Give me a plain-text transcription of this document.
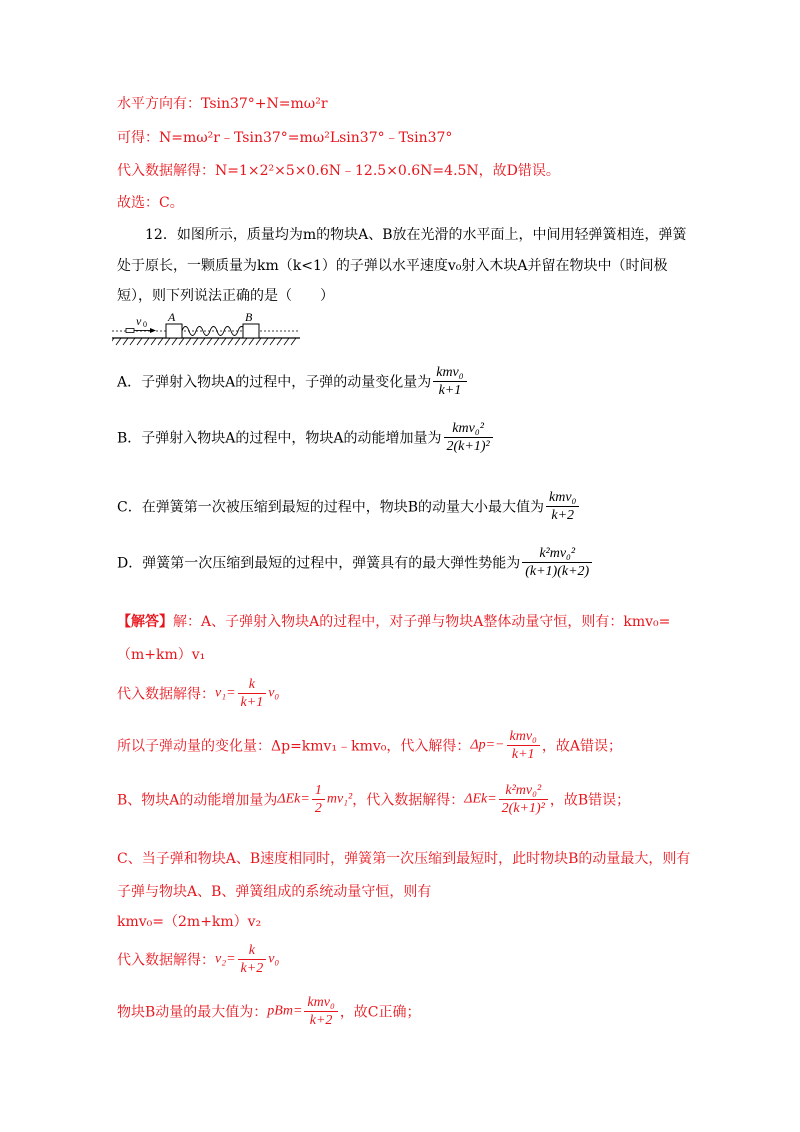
水平方向有：Tsin37°+N=mω²r
可得：N=mω²r﹣Tsin37°=mω²Lsin37°﹣Tsin37°
代入数据解得：N=1×2²×5×0.6N﹣12.5×0.6N=4.5N，故D错误。
故选：C。
12．如图所示，质量均为m的物块A、B放在光滑的水平面上，中间用轻弹簧相连，弹簧
处于原长，一颗质量为km（k<1）的子弹以水平速度v₀射入木块A并留在物块中（时间极
短），则下列说法正确的是（　　）
v 0
A	B
A．子弹射入物块A的过程中，子弹的动量变化量为
kmv₀
k+1
B．子弹射入物块A的过程中，物块A的动能增加量为
kmv₀²
2(k+1)²
C．在弹簧第一次被压缩到最短的过程中，物块B的动量大小最大值为
kmv₀
k+2
D．弹簧第一次压缩到最短的过程中，弹簧具有的最大弹性势能为 $\frac{\text{k²mv₀²}}{(k+1)(k+2)}$
【解答】解：A、子弹射入物块A的过程中，对子弹与物块A整体动量守恒，则有：kmv₀=
（m+km）v₁
代入数据解得：$v_1= \frac{k}{k+1} v_0$
所以子弹动量的变化量：Δp=kmv₁﹣kmv₀，代入解得：Δp=−
kmv₀
k+1 ，故A错误；
B、物块A的动能增加量为$\Delta Ek= \frac{1}{2} mv_1^2$，代入数据解得：$\Delta Ek= \frac{\text{k²mv₀²}}{\text{2(k+1)²}}$ ，故B错误；
C、当子弹和物块A、B速度相同时，弹簧第一次压缩到最短时，此时物块B的动量最大，则有
子弹与物块A、B、弹簧组成的系统动量守恒，则有
kmv₀=（2m+km）v₂
代入数据解得：$v_2= \frac{k}{k+2} v_0$
物块B动量的最大值为：pBm=
kmv₀
k+2 ，故C正确；
